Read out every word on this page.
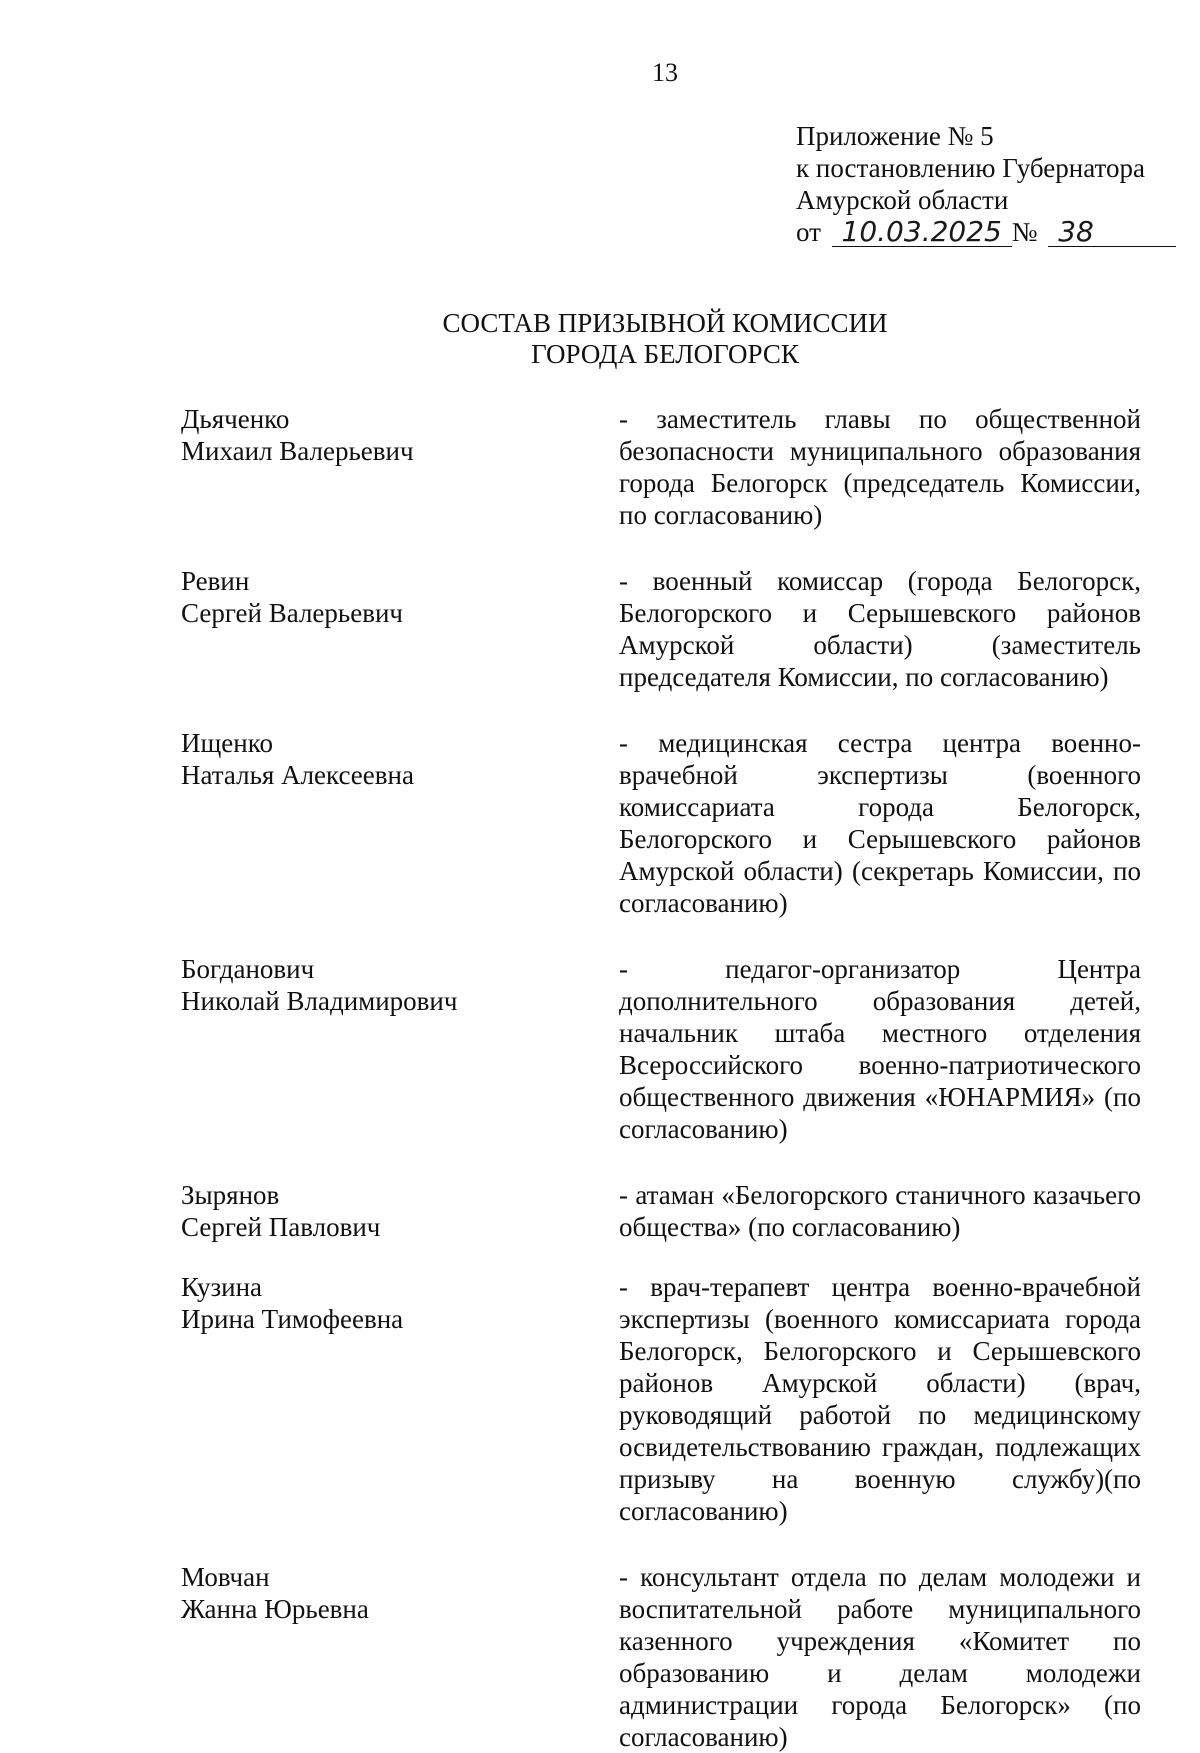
13
Приложение № 5
к постановлению Губернатора
Амурской области
от 10.03.2025 № 38
СОСТАВ ПРИЗЫВНОЙ КОМИССИИ
ГОРОДА БЕЛОГОРСК
Дьяченко
Михаил Валерьевич
- заместитель главы по общественной безопасности муниципального образования города Белогорск (председатель Комиссии, по согласованию)
Ревин
Сергей Валерьевич
- военный комиссар (города Белогорск, Белогорского и Серышевского районов Амурской области) (заместитель председателя Комиссии, по согласованию)
Ищенко
Наталья Алексеевна
- медицинская сестра центра военно-врачебной экспертизы (военного комиссариата города Белогорск, Белогорского и Серышевского районов Амурской области) (секретарь Комиссии, по согласованию)
Богданович
Николай Владимирович
- педагог-организатор Центра дополнительного образования детей, начальник штаба местного отделения Всероссийского военно-патриотического общественного движения «ЮНАРМИЯ» (по согласованию)
Зырянов
Сергей Павлович
- атаман «Белогорского станичного казачьего общества» (по согласованию)
Кузина
Ирина Тимофеевна
- врач-терапевт центра военно-врачебной экспертизы (военного комиссариата города Белогорск, Белогорского и Серышевского районов Амурской области) (врач, руководящий работой по медицинскому освидетельствованию граждан, подлежащих призыву на военную службу)(по согласованию)
Мовчан
Жанна Юрьевна
- консультант отдела по делам молодежи и воспитательной работе муниципального казенного учреждения «Комитет по образованию и делам молодежи администрации города Белогорск» (по согласованию)
